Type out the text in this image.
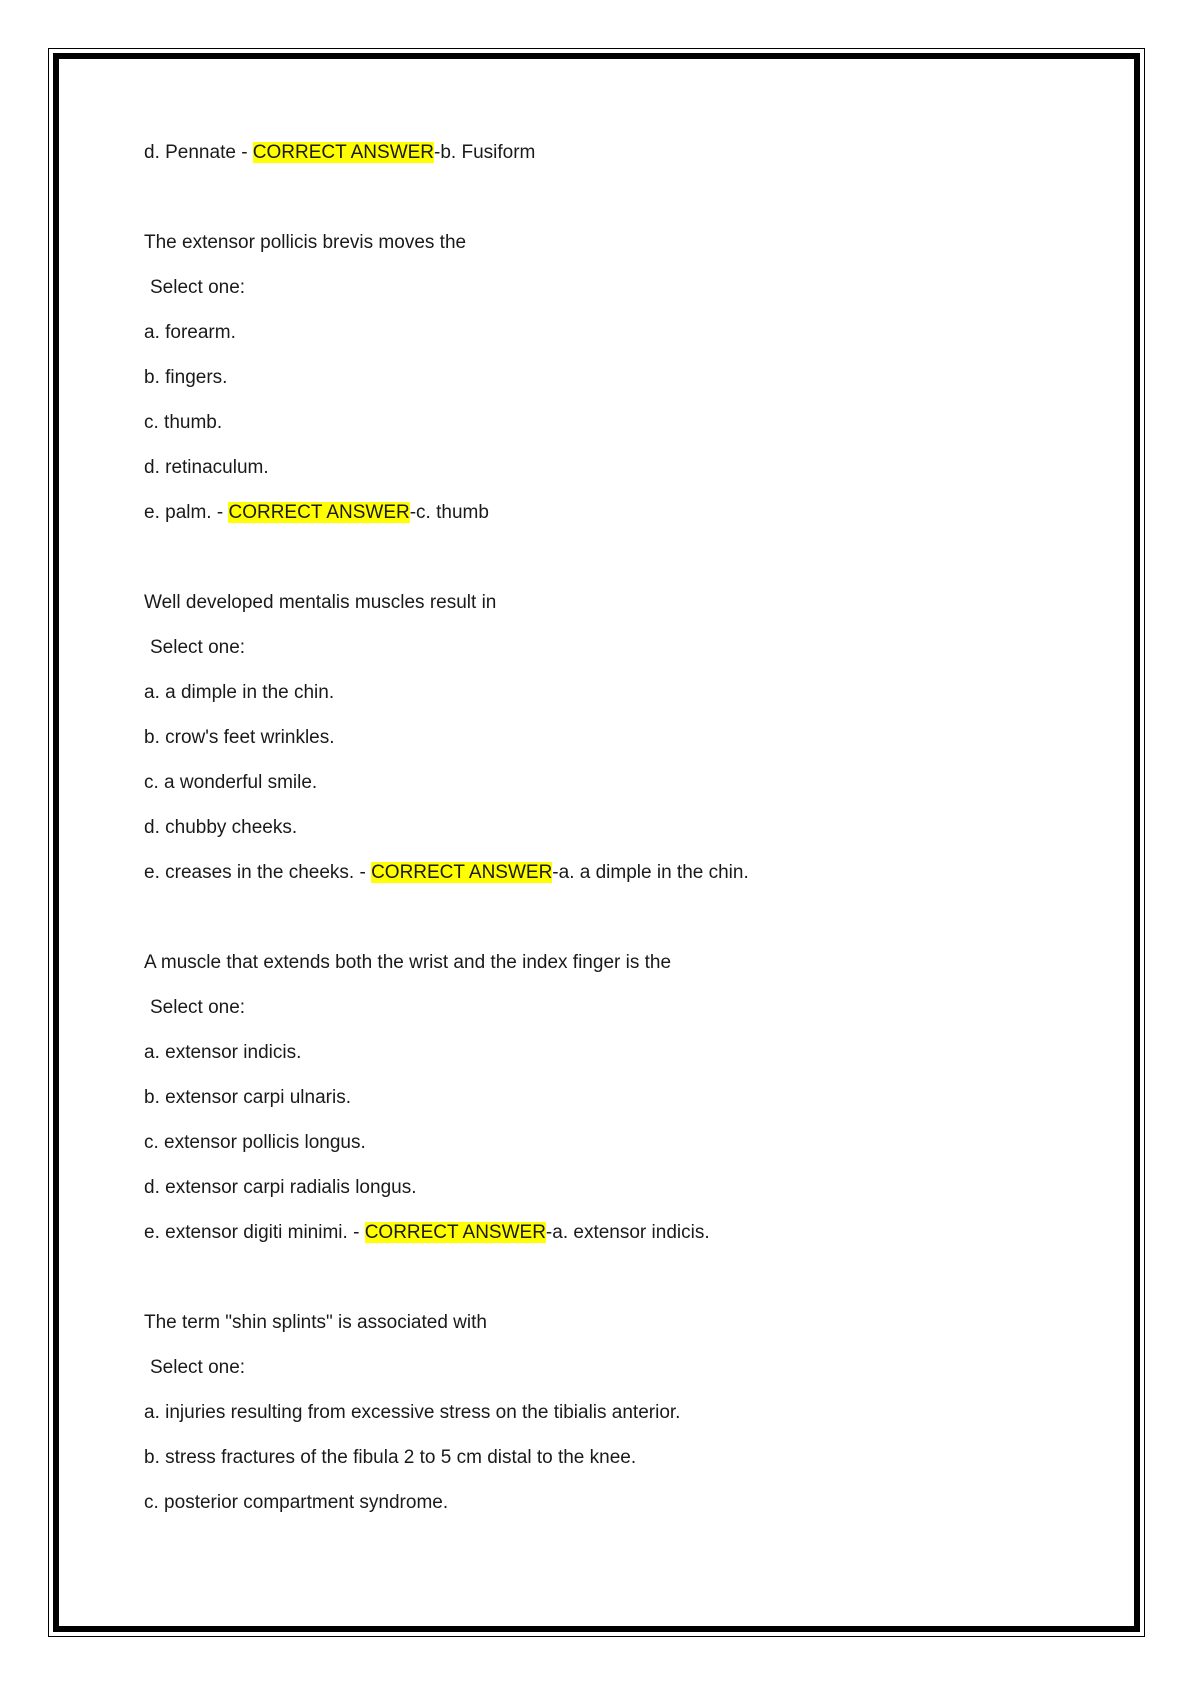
d. Pennate - CORRECT ANSWER-b. Fusiform
The extensor pollicis brevis moves the
Select one:
a. forearm.
b. fingers.
c. thumb.
d. retinaculum.
e. palm. - CORRECT ANSWER-c. thumb
Well developed mentalis muscles result in
Select one:
a. a dimple in the chin.
b. crow's feet wrinkles.
c. a wonderful smile.
d. chubby cheeks.
e. creases in the cheeks. - CORRECT ANSWER-a. a dimple in the chin.
A muscle that extends both the wrist and the index finger is the
Select one:
a. extensor indicis.
b. extensor carpi ulnaris.
c. extensor pollicis longus.
d. extensor carpi radialis longus.
e. extensor digiti minimi. - CORRECT ANSWER-a. extensor indicis.
The term "shin splints" is associated with
Select one:
a. injuries resulting from excessive stress on the tibialis anterior.
b. stress fractures of the fibula 2 to 5 cm distal to the knee.
c. posterior compartment syndrome.
